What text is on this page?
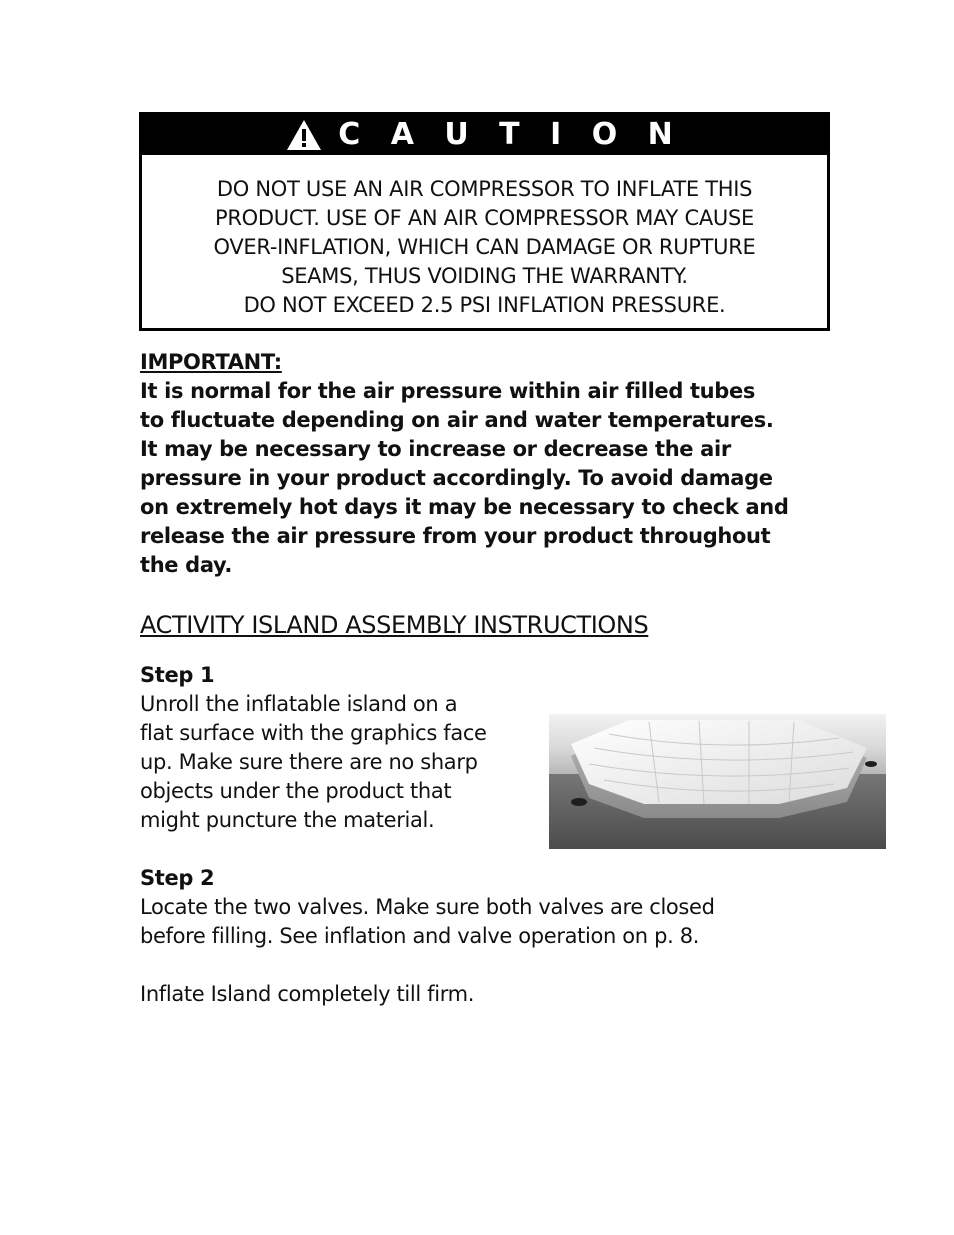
C A U T I O N
DO NOT USE AN AIR COMPRESSOR TO INFLATE THIS
PRODUCT. USE OF AN AIR COMPRESSOR MAY CAUSE
OVER-INFLATION, WHICH CAN DAMAGE OR RUPTURE
SEAMS, THUS VOIDING THE WARRANTY.
DO NOT EXCEED 2.5 PSI INFLATION PRESSURE.
IMPORTANT:
It is normal for the air pressure within air filled tubes
to fluctuate depending on air and water temperatures.
It may be necessary to increase or decrease the air
pressure in your product accordingly. To avoid damage
on extremely hot days it may be necessary to check and
release the air pressure from your product throughout
the day.
ACTIVITY ISLAND ASSEMBLY INSTRUCTIONS
Step 1
Unroll the inflatable island on a
flat surface with the graphics face
up. Make sure there are no sharp
objects under the product that
might puncture the material.
Step 2
Locate the two valves. Make sure both valves are closed
before filling. See inflation and valve operation on p. 8.
Inflate Island completely till firm.
